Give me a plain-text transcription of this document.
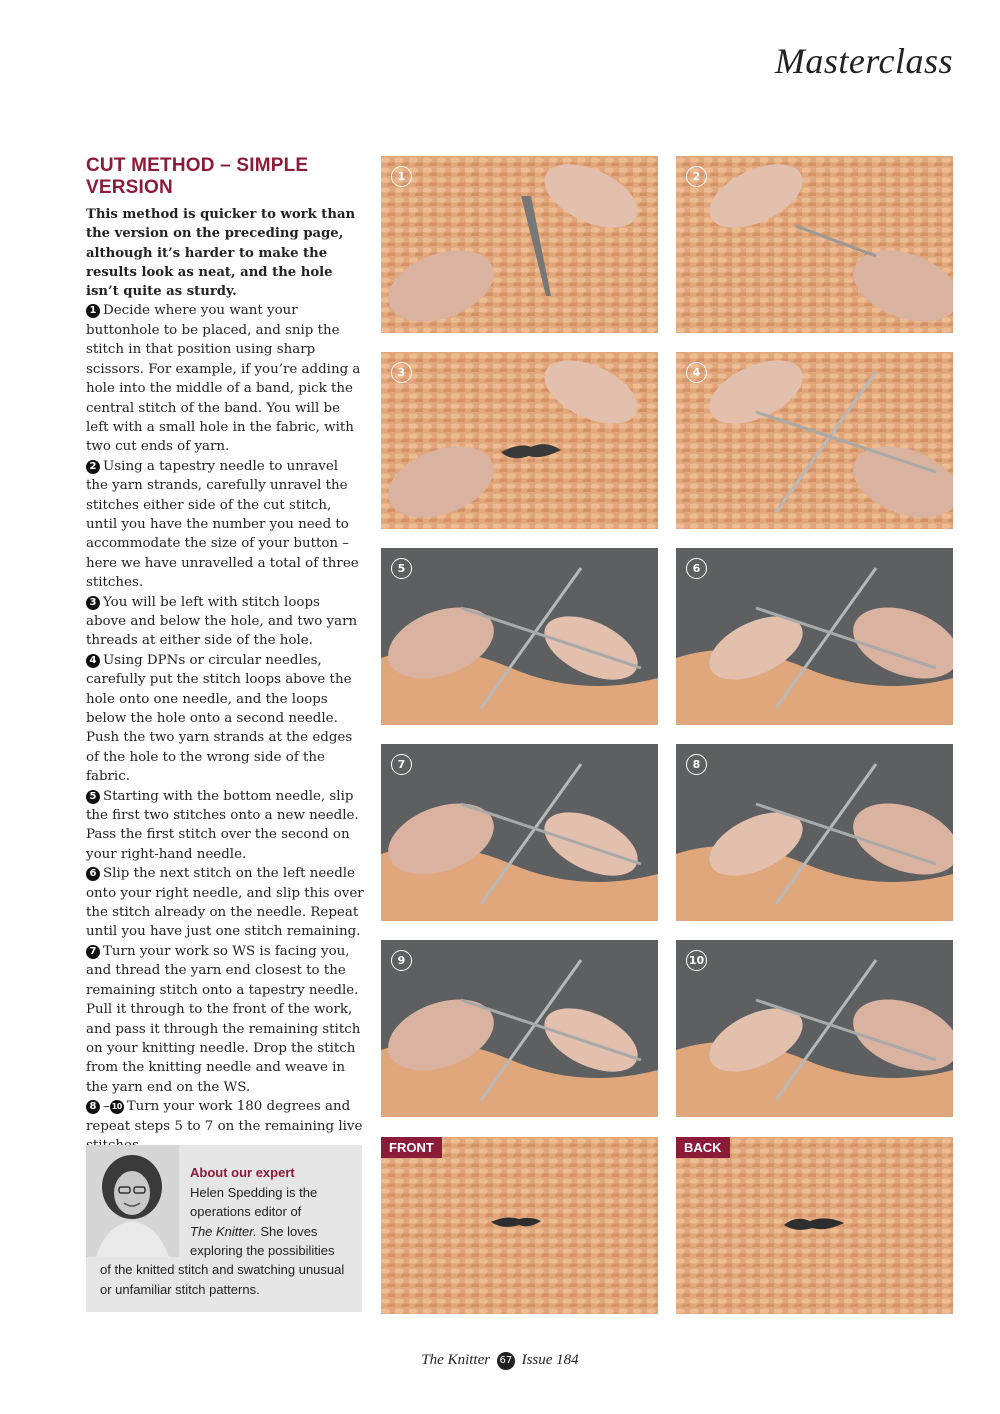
Masterclass
CUT METHOD – SIMPLE VERSION

This method is quicker to work than the version on the preceding page, although it’s harder to make the results look as neat, and the hole isn’t quite as sturdy.

1 Decide where you want your buttonhole to be placed, and snip the stitch in that position using sharp scissors. For example, if you’re adding a hole into the middle of a band, pick the central stitch of the band. You will be left with a small hole in the fabric, with two cut ends of yarn.

2 Using a tapestry needle to unravel the yarn strands, carefully unravel the stitches either side of the cut stitch, until you have the number you need to accommodate the size of your button – here we have unravelled a total of three stitches.

3 You will be left with stitch loops above and below the hole, and two yarn threads at either side of the hole.

4 Using DPNs or circular needles, carefully put the stitch loops above the hole onto one needle, and the loops below the hole onto a second needle. Push the two yarn strands at the edges of the hole to the wrong side of the fabric.

5 Starting with the bottom needle, slip the first two stitches onto a new needle. Pass the first stitch over the second on your right-hand needle.

6 Slip the next stitch on the left needle onto your right needle, and slip this over the stitch already on the needle. Repeat until you have just one stitch remaining.

7 Turn your work so WS is facing you, and thread the yarn end closest to the remaining stitch onto a tapestry needle. Pull it through to the front of the work, and pass it through the remaining stitch on your knitting needle. Drop the stitch from the knitting needle and weave in the yarn end on the WS.

8 – 10 Turn your work 180 degrees and repeat steps 5 to 7 on the remaining live

1	2
3	4
5	6
7	8
9	10
FRONT	BACK
About our expert
Helen Spedding is the
operations editor of
The Knitter. She loves
exploring the possibilities
of the knitted stitch and swatching unusual or unfamiliar stitch patterns.
The Knitter 67 Issue 184
